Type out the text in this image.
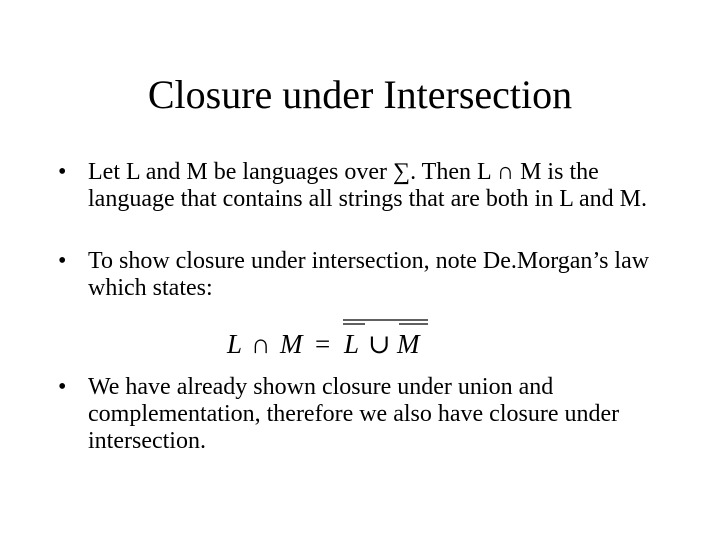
Closure under Intersection
• Let L and M be languages over ∑. Then L ∩ M is the language that contains all strings that are both in L and M.
• To show closure under intersection, note De.Morgan’s law which states:
L ∩ M = L ∪ M
• We have already shown closure under union and complementation, therefore we also have closure under intersection.
